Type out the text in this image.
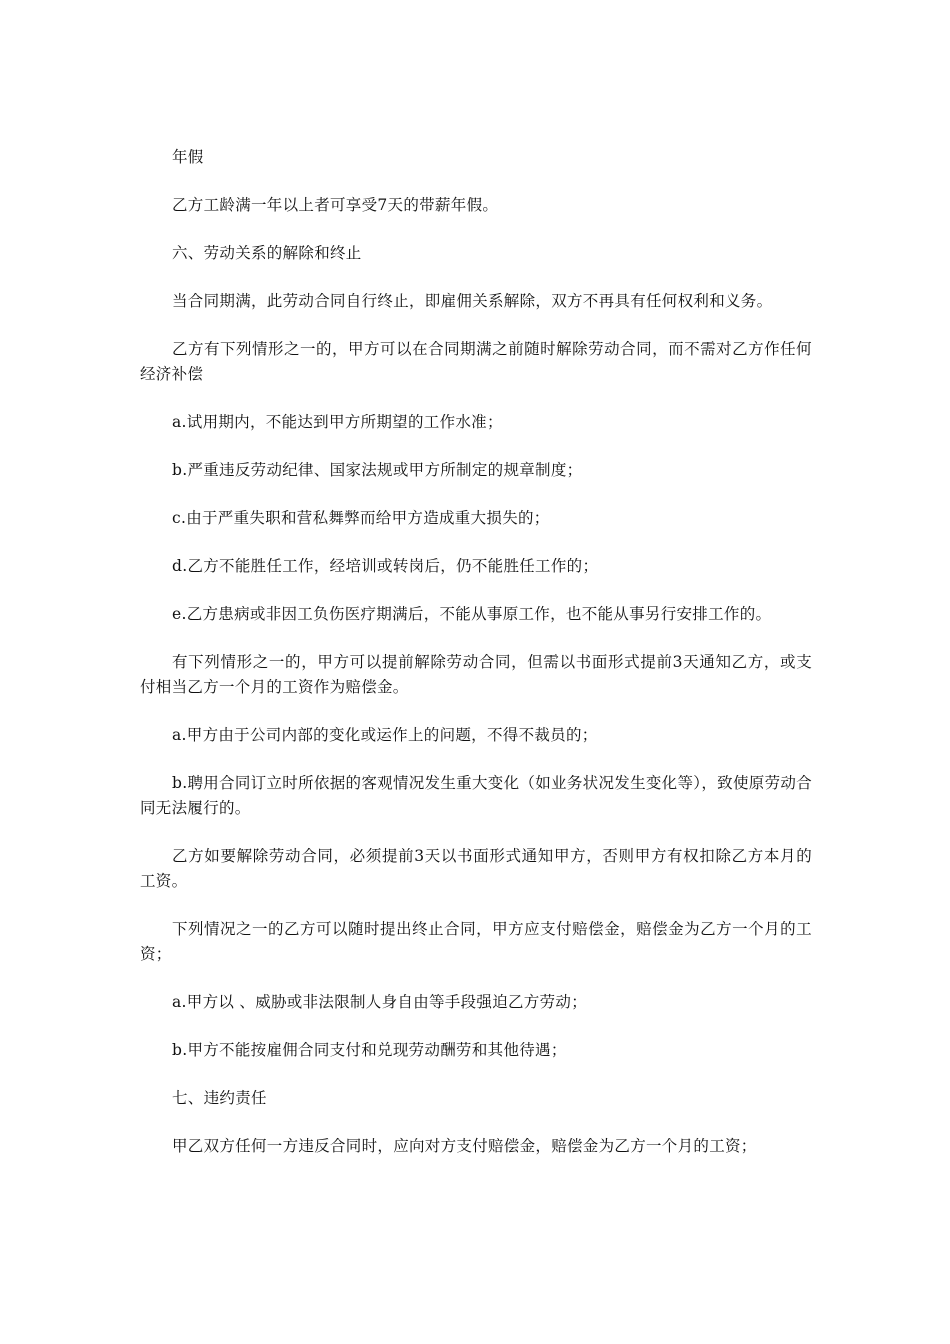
年假

乙方工龄满一年以上者可享受7天的带薪年假。

六、劳动关系的解除和终止

当合同期满，此劳动合同自行终止，即雇佣关系解除，双方不再具有任何权利和义务。

乙方有下列情形之一的，甲方可以在合同期满之前随时解除劳动合同，而不需对乙方作任何经济补偿

a.试用期内，不能达到甲方所期望的工作水准；

b.严重违反劳动纪律、国家法规或甲方所制定的规章制度；

c.由于严重失职和营私舞弊而给甲方造成重大损失的；

d.乙方不能胜任工作，经培训或转岗后，仍不能胜任工作的；

e.乙方患病或非因工负伤医疗期满后，不能从事原工作，也不能从事另行安排工作的。

有下列情形之一的，甲方可以提前解除劳动合同，但需以书面形式提前3天通知乙方，或支付相当乙方一个月的工资作为赔偿金。

a.甲方由于公司内部的变化或运作上的问题，不得不裁员的；

b.聘用合同订立时所依据的客观情况发生重大变化（如业务状况发生变化等），致使原劳动合同无法履行的。

乙方如要解除劳动合同，必须提前3天以书面形式通知甲方，否则甲方有权扣除乙方本月的工资。

下列情况之一的乙方可以随时提出终止合同，甲方应支付赔偿金，赔偿金为乙方一个月的工资；

a.甲方以 、威胁或非法限制人身自由等手段强迫乙方劳动；

b.甲方不能按雇佣合同支付和兑现劳动酬劳和其他待遇；

七、违约责任

甲乙双方任何一方违反合同时，应向对方支付赔偿金，赔偿金为乙方一个月的工资；
